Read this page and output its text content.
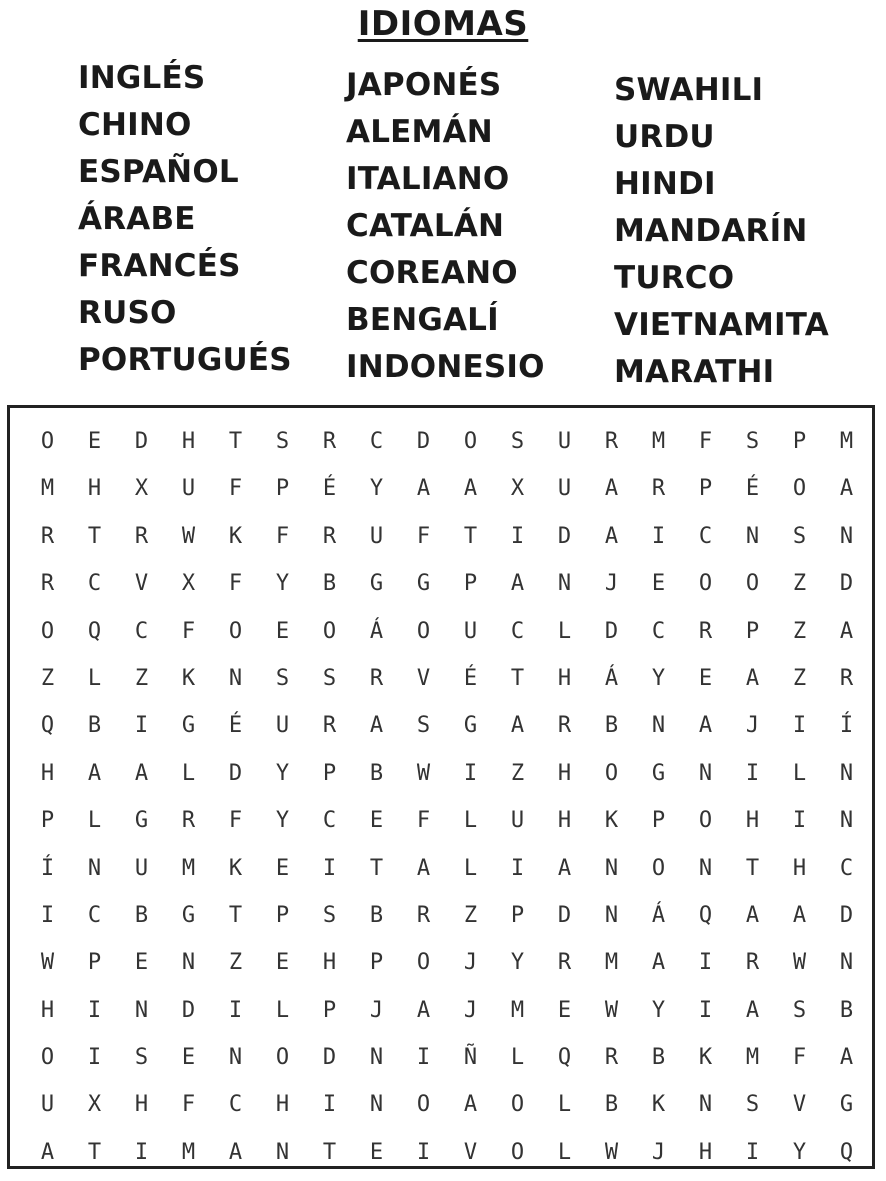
IDIOMAS
INGLÉS
CHINO
ESPAÑOL
ÁRABE
FRANCÉS
RUSO
PORTUGUÉS
JAPONÉS
ALEMÁN
ITALIANO
CATALÁN
COREANO
BENGALÍ
INDONESIO
SWAHILI
URDU
HINDI
MANDARÍN
TURCO
VIETNAMITA
MARATHI
O	E	D	H	T	S	R	C	D	O	S	U	R	M	F	S	P	M
M	H	X	U	F	P	É	Y	A	A	X	U	A	R	P	É	O	A
R	T	R	W	K	F	R	U	F	T	I	D	A	I	C	N	S	N
R	C	V	X	F	Y	B	G	G	P	A	N	J	E	O	O	Z	D
O	Q	C	F	O	E	O	Á	O	U	C	L	D	C	R	P	Z	A
Z	L	Z	K	N	S	S	R	V	É	T	H	Á	Y	E	A	Z	R
Q	B	I	G	É	U	R	A	S	G	A	R	B	N	A	J	I	Í
H	A	A	L	D	Y	P	B	W	I	Z	H	O	G	N	I	L	N
P	L	G	R	F	Y	C	E	F	L	U	H	K	P	O	H	I	N
Í	N	U	M	K	E	I	T	A	L	I	A	N	O	N	T	H	C
I	C	B	G	T	P	S	B	R	Z	P	D	N	Á	Q	A	A	D
W	P	E	N	Z	E	H	P	O	J	Y	R	M	A	I	R	W	N
H	I	N	D	I	L	P	J	A	J	M	E	W	Y	I	A	S	B
O	I	S	E	N	O	D	N	I	Ñ	L	Q	R	B	K	M	F	A
U	X	H	F	C	H	I	N	O	A	O	L	B	K	N	S	V	G
A	T	I	M	A	N	T	E	I	V	O	L	W	J	H	I	Y	Q
